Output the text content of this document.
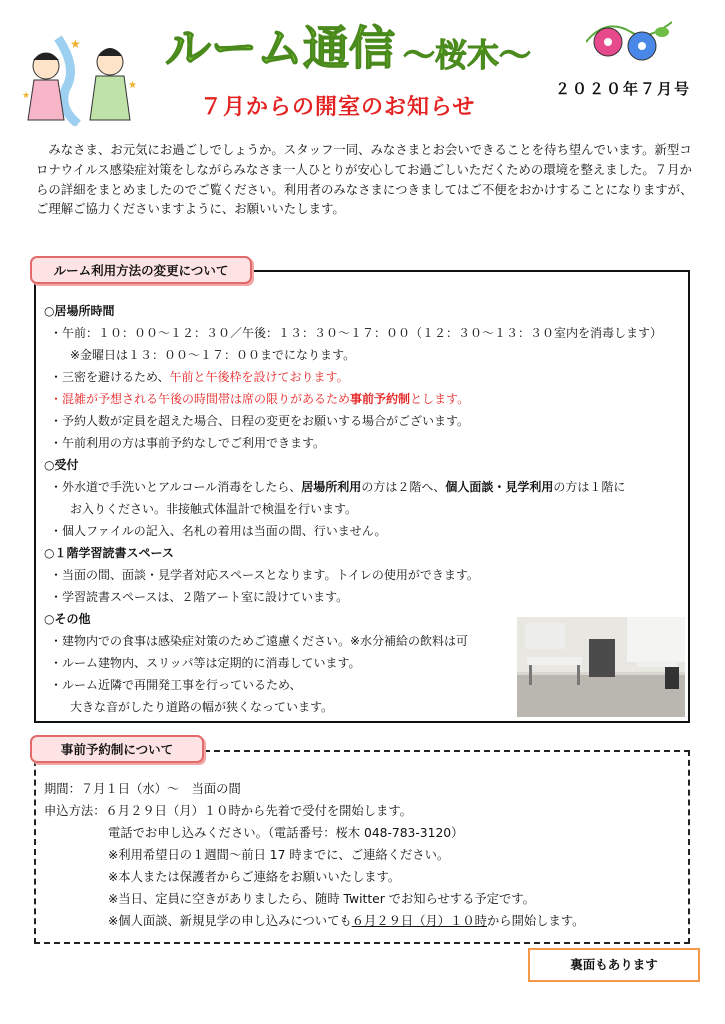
★
★
★
ルーム通信 〜桜木〜
２０２０年７月号
７月からの開室のお知らせ
みなさま、お元気にお過ごしでしょうか。スタッフ一同、みなさまとお会いできることを待ち望んでいます。新型コロナウイルス感染症対策をしながらみなさま一人ひとりが安心してお過ごしいただくための環境を整えました。７月からの詳細をまとめましたのでご覧ください。利用者のみなさまにつきましてはご不便をおかけすることになりますが、ご理解ご協力くださいますように、お願いいたします。
ルーム利用方法の変更について
○居場所時間
・ 午前：１０：００〜１２：３０／午後：１３：３０〜１７：００（１２：３０〜１３：３０室内を消毒します）
※金曜日は１３：００〜１７：００までになります。
・ 三密を避けるため、午前と午後枠を設けております。
・ 混雑が予想される午後の時間帯は席の限りがあるため事前予約制とします。
・ 予約人数が定員を超えた場合、日程の変更をお願いする場合がございます。
・ 午前利用の方は事前予約なしでご利用できます。
○受付
・ 外水道で手洗いとアルコール消毒をしたら、居場所利用の方は２階へ、個人面談・見学利用の方は１階に
お入りください。非接触式体温計で検温を行います。
・ 個人ファイルの記入、名札の着用は当面の間、行いません。
○１階学習読書スペース
・ 当面の間、面談・見学者対応スペースとなります。トイレの使用ができます。
・ 学習読書スペースは、２階アート室に設けています。
○その他
・ 建物内での食事は感染症対策のためご遠慮ください。※水分補給の飲料は可
・ ルーム建物内、スリッパ等は定期的に消毒しています。
・ ルーム近隣で再開発工事を行っているため、
大きな音がしたり道路の幅が狭くなっています。
事前予約制について
期間：７月１日（水）〜　当面の間
申込方法：６月２９日（月）１０時から先着で受付を開始します。
電話でお申し込みください。（電話番号：桜木 048-783-3120）
※利用希望日の１週間〜前日 17 時までに、ご連絡ください。
※本人または保護者からご連絡をお願いいたします。
※当日、定員に空きがありましたら、随時 Twitter でお知らせする予定です。
※個人面談、新規見学の申し込みについても６月２９日（月）１０時から開始します。
裏面もあります
